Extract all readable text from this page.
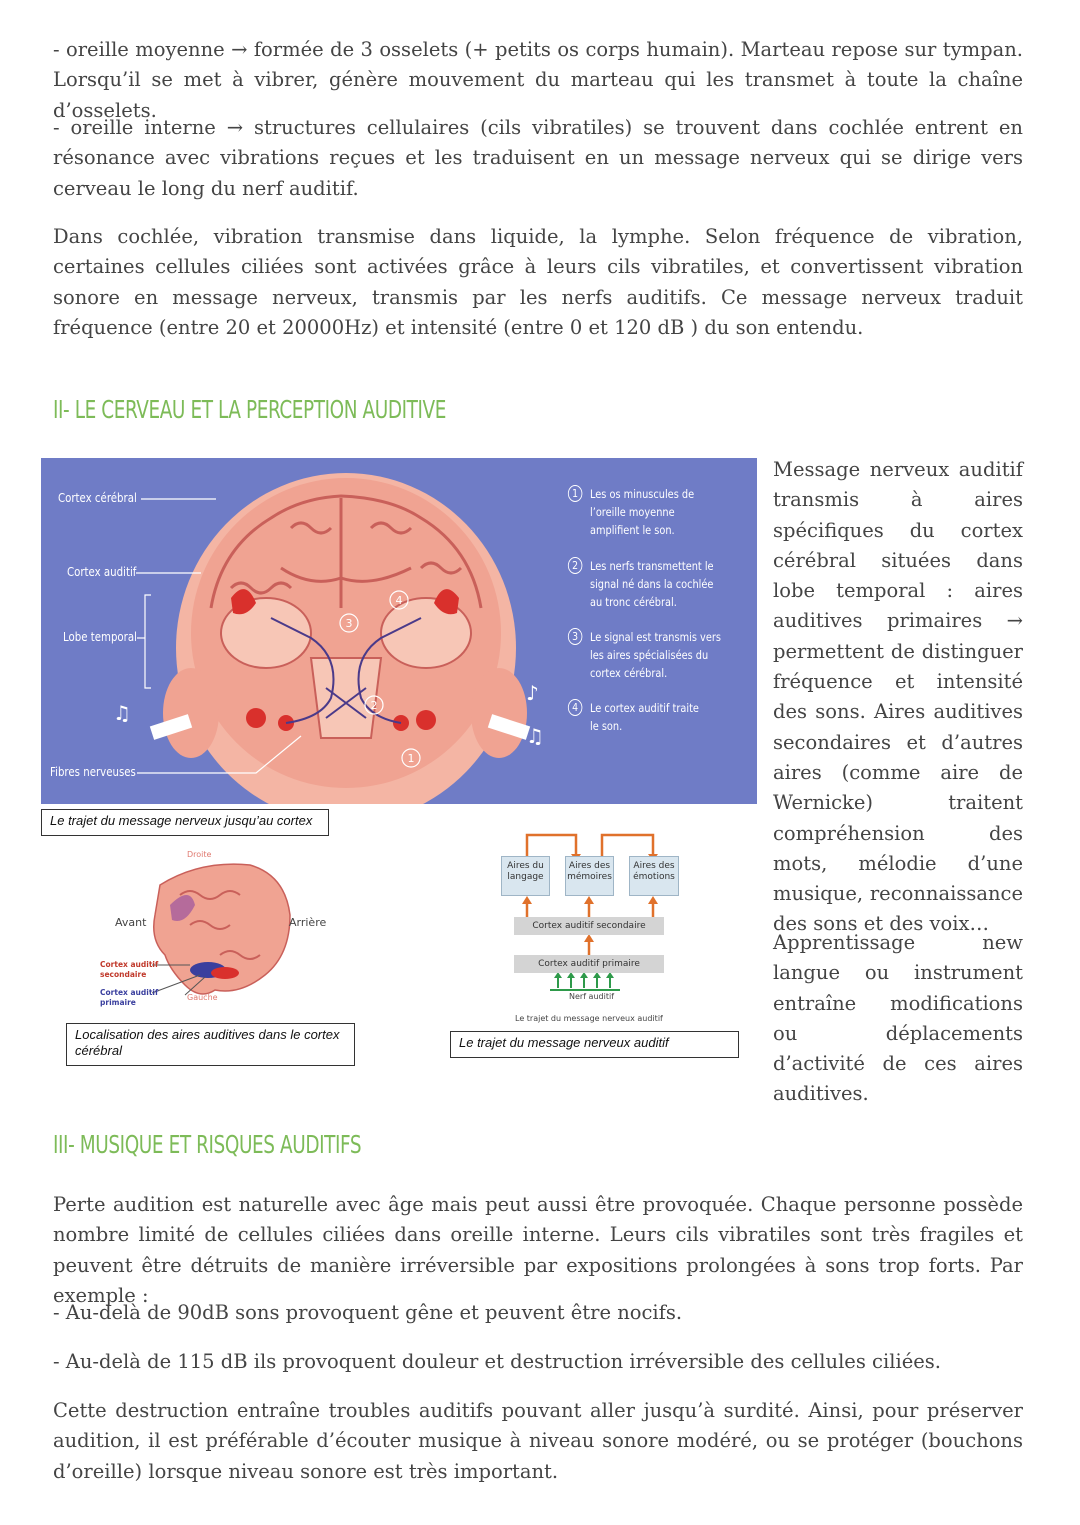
- oreille moyenne → formée de 3 osselets (+ petits os corps humain). Marteau repose sur tympan. Lorsqu’il se met à vibrer, génère mouvement du marteau qui les transmet à toute la chaîne d’osselets.

- oreille interne → structures cellulaires (cils vibratiles) se trouvent dans cochlée entrent en résonance avec vibrations reçues et les traduisent en un message nerveux qui se dirige vers cerveau le long du nerf auditif.

Dans cochlée, vibration transmise dans liquide, la lymphe. Selon fréquence de vibration, certaines cellules ciliées sont activées grâce à leurs cils vibratiles, et convertissent vibration sonore en message nerveux, transmis par les nerfs auditifs. Ce message nerveux traduit fréquence (entre 20 et 20000Hz) et intensité (entre 0 et 120 dB ) du son entendu.

II- LE CERVEAU ET LA PERCEPTION AUDITIVE
1
2
3
4
♫
♪
♫
Cortex cérébral
Cortex auditif
Lobe temporal
Fibres nerveuses
1	Les os minuscules de l’oreille moyenne amplifient le son.
2	Les nerfs transmettent le signal né dans la cochlée au tronc cérébral.
3	Le signal est transmis vers les aires spécialisées du cortex cérébral.
4	Le cortex auditif traite le son.
Le trajet du message nerveux jusqu’au cortex
Droite
Gauche
Avant	Arrière
Cortex auditif secondaire
Cortex auditif primaire
Localisation des aires auditives dans le cortex cérébral
Aires du langage
Aires des mémoires
Aires des émotions
Cortex auditif secondaire
Cortex auditif primaire
Nerf auditif
Le trajet du message nerveux auditif
Le trajet du message nerveux auditif

Message nerveux auditif transmis à aires spécifiques du cortex cérébral situées dans lobe temporal : aires auditives primaires → permettent de distinguer fréquence et intensité des sons. Aires auditives secondaires et d’autres aires (comme aire de Wernicke) traitent compréhension des mots, mélodie d’une musique, reconnaissance des sons et des voix…

Apprentissage new langue ou instrument entraîne modifications ou déplacements d’activité de ces aires auditives.

III- MUSIQUE ET RISQUES AUDITIFS

Perte audition est naturelle avec âge mais peut aussi être provoquée. Chaque personne possède nombre limité de cellules ciliées dans oreille interne. Leurs cils vibratiles sont très fragiles et peuvent être détruits de manière irréversible par expositions prolongées à sons trop forts. Par exemple :

- Au-delà de 90dB sons provoquent gêne et peuvent être nocifs.

- Au-delà de 115 dB ils provoquent douleur et destruction irréversible des cellules ciliées.

Cette destruction entraîne troubles auditifs pouvant aller jusqu’à surdité. Ainsi, pour préserver audition, il est préférable d’écouter musique à niveau sonore modéré, ou se protéger (bouchons d’oreille) lorsque niveau sonore est très important.
